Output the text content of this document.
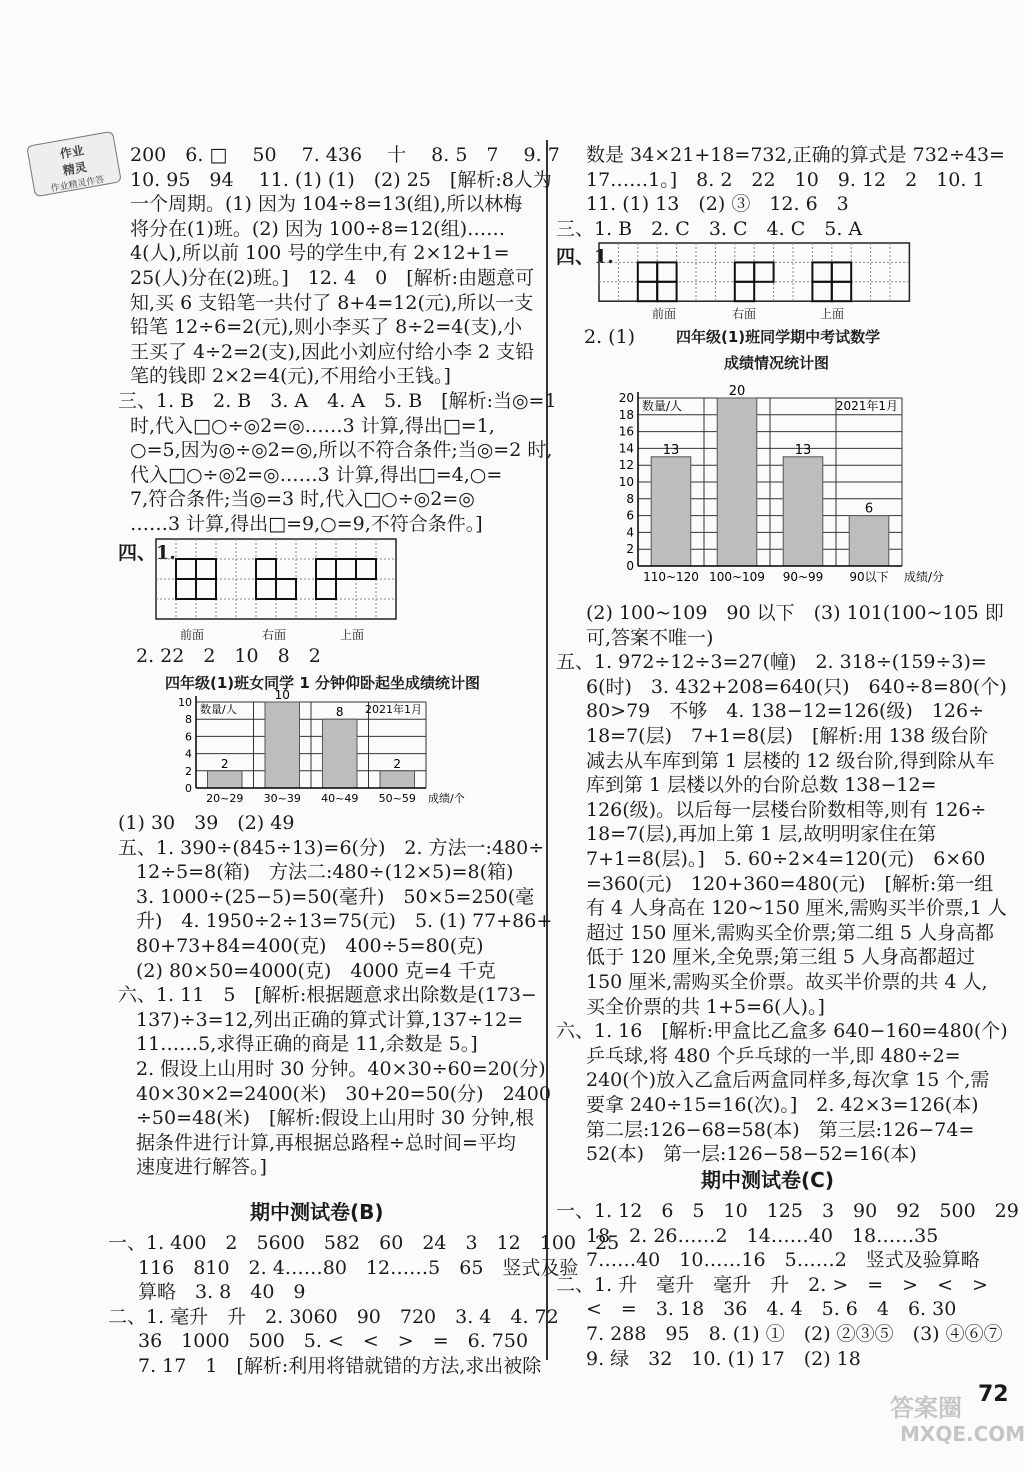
作业
精灵
作业精灵作答
200　6. □　 50　 7. 436　 十　 8. 5　7　 9. 7
10. 95　94　 11. (1) (1)　(2) 25　[解析:8人为
一个周期。(1) 因为 104÷8=13(组),所以林梅
将分在(1)班。(2) 因为 100÷8=12(组)……
4(人),所以前 100 号的学生中,有 2×12+1=
25(人)分在(2)班。]　12. 4　0　[解析:由题意可
知,买 6 支铅笔一共付了 8+4=12(元),所以一支
铅笔 12÷6=2(元),则小李买了 8÷2=4(支),小
王买了 4÷2=2(支),因此小刘应付给小李 2 支铅
笔的钱即 2×2=4(元),不用给小王钱。]
三、1. B　2. B　3. A　4. A　5. B　[解析:当◎=1
时,代入□○÷◎2=◎……3 计算,得出□=1,
○=5,因为◎÷◎2=◎,所以不符合条件;当◎=2 时,
代入□○÷◎2=◎……3 计算,得出□=4,○=
7,符合条件;当◎=3 时,代入□○÷◎2=◎
……3 计算,得出□=9,○=9,不符合条件。]
四、1.
前面	右面	上面
2. 22　2　10　8　2
四年级(1)班女同学 1 分钟仰卧起坐成绩统计图
0
2
4
6
8
10
2
20~29
10
30~39
8
40~49
2
50~59
数量/人	2021年1月
成绩/个
(1) 30　39　(2) 49
五、1. 390÷(845÷13)=6(分)　2. 方法一:480÷
12÷5=8(箱)　方法二:480÷(12×5)=8(箱)
3. 1000÷(25−5)=50(毫升)　50×5=250(毫
升)　4. 1950÷2÷13=75(元)　5. (1) 77+86+
80+73+84=400(克)　400÷5=80(克)
(2) 80×50=4000(克)　4000 克=4 千克
六、1. 11　5　[解析:根据题意求出除数是(173−
137)÷3=12,列出正确的算式计算,137÷12=
11……5,求得正确的商是 11,余数是 5。]
2. 假设上山用时 30 分钟。40×30÷60=20(分)
40×30×2=2400(米)　30+20=50(分)　2400
÷50=48(米)　[解析:假设上山用时 30 分钟,根
据条件进行计算,再根据总路程÷总时间=平均
速度进行解答。]
期中测试卷(B)
一、1. 400　2　5600　582　60　24　3　12　100　25
116　810　2. 4……80　12……5　65　竖式及验
算略　3. 8　40　9
二、1. 毫升　升　2. 3060　90　720　3. 4　4. 72
36　1000　500　5. <　<　>　=　6. 750
7. 17　1　[解析:利用将错就错的方法,求出被除
数是 34×21+18=732,正确的算式是 732÷43=
17……1。]　8. 2　22　10　9. 12　2　10. 1
11. (1) 13　(2) ③　12. 6　3
三、1. B　2. C　3. C　4. C　5. A
四、1.
前面	右面	上面
2. (1)	四年级(1)班同学期中考试数学
成绩情况统计图
0
2
4
6
8
10
12
14
16
18
20
13
110~120
20
100~109
13
90~99
6
90以下
数量/人	2021年1月
成绩/分
(2) 100~109　90 以下　(3) 101(100~105 即
可,答案不唯一)
五、1. 972÷12÷3=27(幢)　2. 318÷(159÷3)=
6(时)　3. 432+208=640(只)　640÷8=80(个)
80>79　不够　4. 138−12=126(级)　126÷
18=7(层)　7+1=8(层)　[解析:用 138 级台阶
减去从车库到第 1 层楼的 12 级台阶,得到除从车
库到第 1 层楼以外的台阶总数 138−12=
126(级)。以后每一层楼台阶数相等,则有 126÷
18=7(层),再加上第 1 层,故明明家住在第
7+1=8(层)。]　5. 60÷2×4=120(元)　6×60
=360(元)　120+360=480(元)　[解析:第一组
有 4 人身高在 120~150 厘米,需购买半价票,1 人
超过 150 厘米,需购买全价票;第二组 5 人身高都
低于 120 厘米,全免票;第三组 5 人身高都超过
150 厘米,需购买全价票。故买半价票的共 4 人,
买全价票的共 1+5=6(人)。]
六、1. 16　[解析:甲盒比乙盒多 640−160=480(个)
乒乓球,将 480 个乒乓球的一半,即 480÷2=
240(个)放入乙盒后两盒同样多,每次拿 15 个,需
要拿 240÷15=16(次)。]　2. 42×3=126(本)
第二层:126−68=58(本)　第三层:126−74=
52(本)　第一层:126−58−52=16(本)
期中测试卷(C)
一、1. 12　6　5　10　125　3　90　92　500　29
18　2. 26……2　14……40　18……35
7……40　10……16　5……2　竖式及验算略
二、1. 升　毫升　毫升　升　2. >　=　>　<　>
<　=　3. 18　36　4. 4　5. 6　4　6. 30
7. 288　95　8. (1) ①　(2) ②③⑤　(3) ④⑥⑦
9. 绿　32　10. (1) 17　(2) 18
72
答案圈
MXQE.COM
